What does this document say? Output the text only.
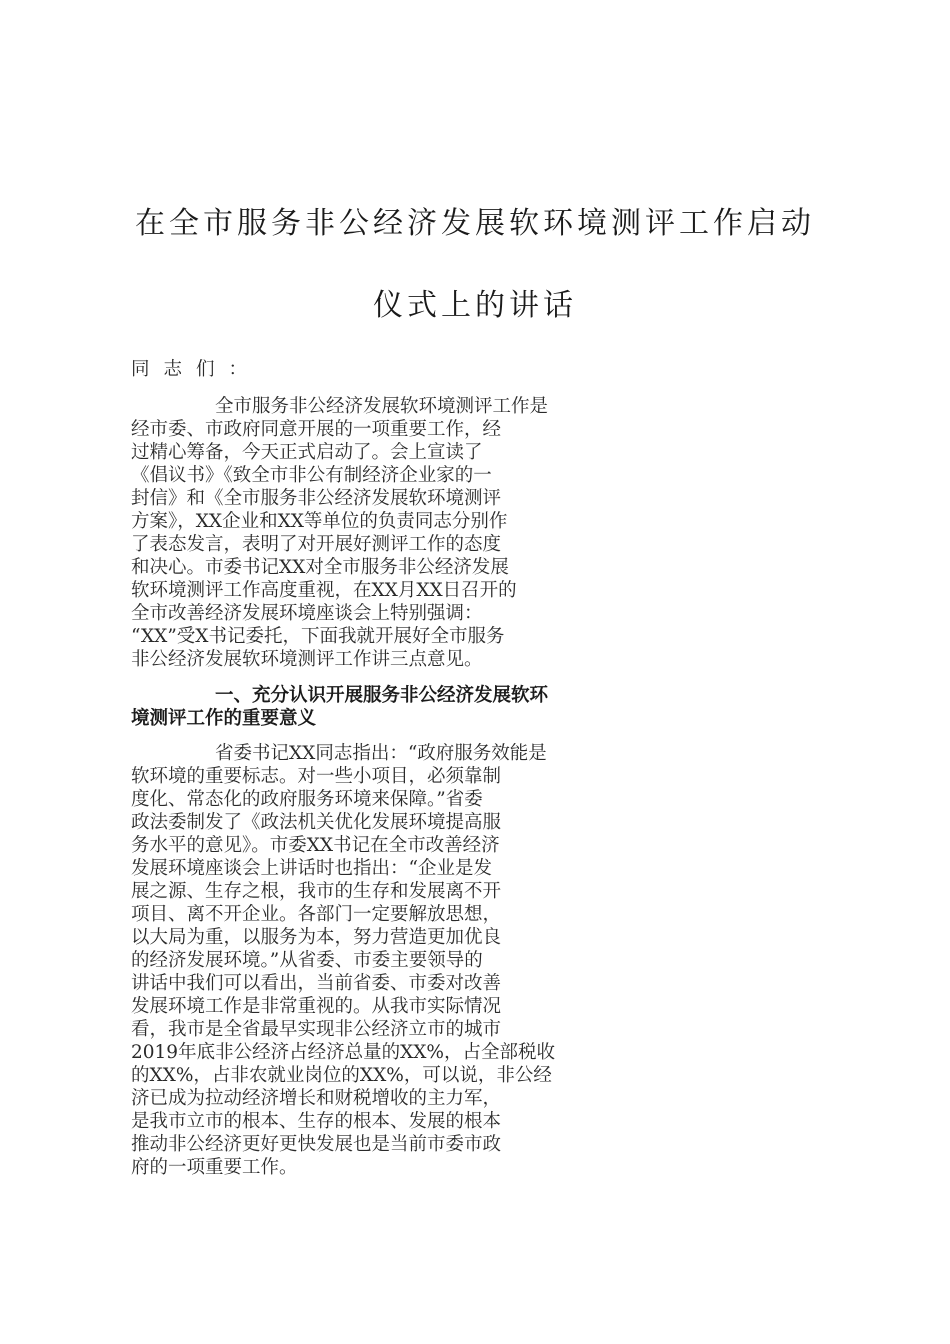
在全市服务非公经济发展软环境测评工作启动
仪式上的讲话
同志们：
全市服务非公经济发展软环境测评工作是
经市委、市政府同意开展的一项重要工作，经
过精心筹备，今天正式启动了。会上宣读了
《倡议书》《致全市非公有制经济企业家的一
封信》和《全市服务非公经济发展软环境测评
方案》，XX企业和XX等单位的负责同志分别作
了表态发言，表明了对开展好测评工作的态度
和决心。市委书记XX对全市服务非公经济发展
软环境测评工作高度重视，在XX月XX日召开的
全市改善经济发展环境座谈会上特别强调：
“XX”受X书记委托，下面我就开展好全市服务
非公经济发展软环境测评工作讲三点意见。
一、充分认识开展服务非公经济发展软环
境测评工作的重要意义
省委书记XX同志指出：“政府服务效能是
软环境的重要标志。对一些小项目，必须靠制
度化、常态化的政府服务环境来保障。”省委
政法委制发了《政法机关优化发展环境提高服
务水平的意见》。市委XX书记在全市改善经济
发展环境座谈会上讲话时也指出：“企业是发
展之源、生存之根，我市的生存和发展离不开
项目、离不开企业。各部门一定要解放思想，
以大局为重，以服务为本，努力营造更加优良
的经济发展环境。”从省委、市委主要领导的
讲话中我们可以看出，当前省委、市委对改善
发展环境工作是非常重视的。从我市实际情况
看，我市是全省最早实现非公经济立市的城市
2019年底非公经济占经济总量的XX%，占全部税收
的XX%，占非农就业岗位的XX%，可以说，非公经
济已成为拉动经济增长和财税增收的主力军，
是我市立市的根本、生存的根本、发展的根本
推动非公经济更好更快发展也是当前市委市政
府的一项重要工作。
